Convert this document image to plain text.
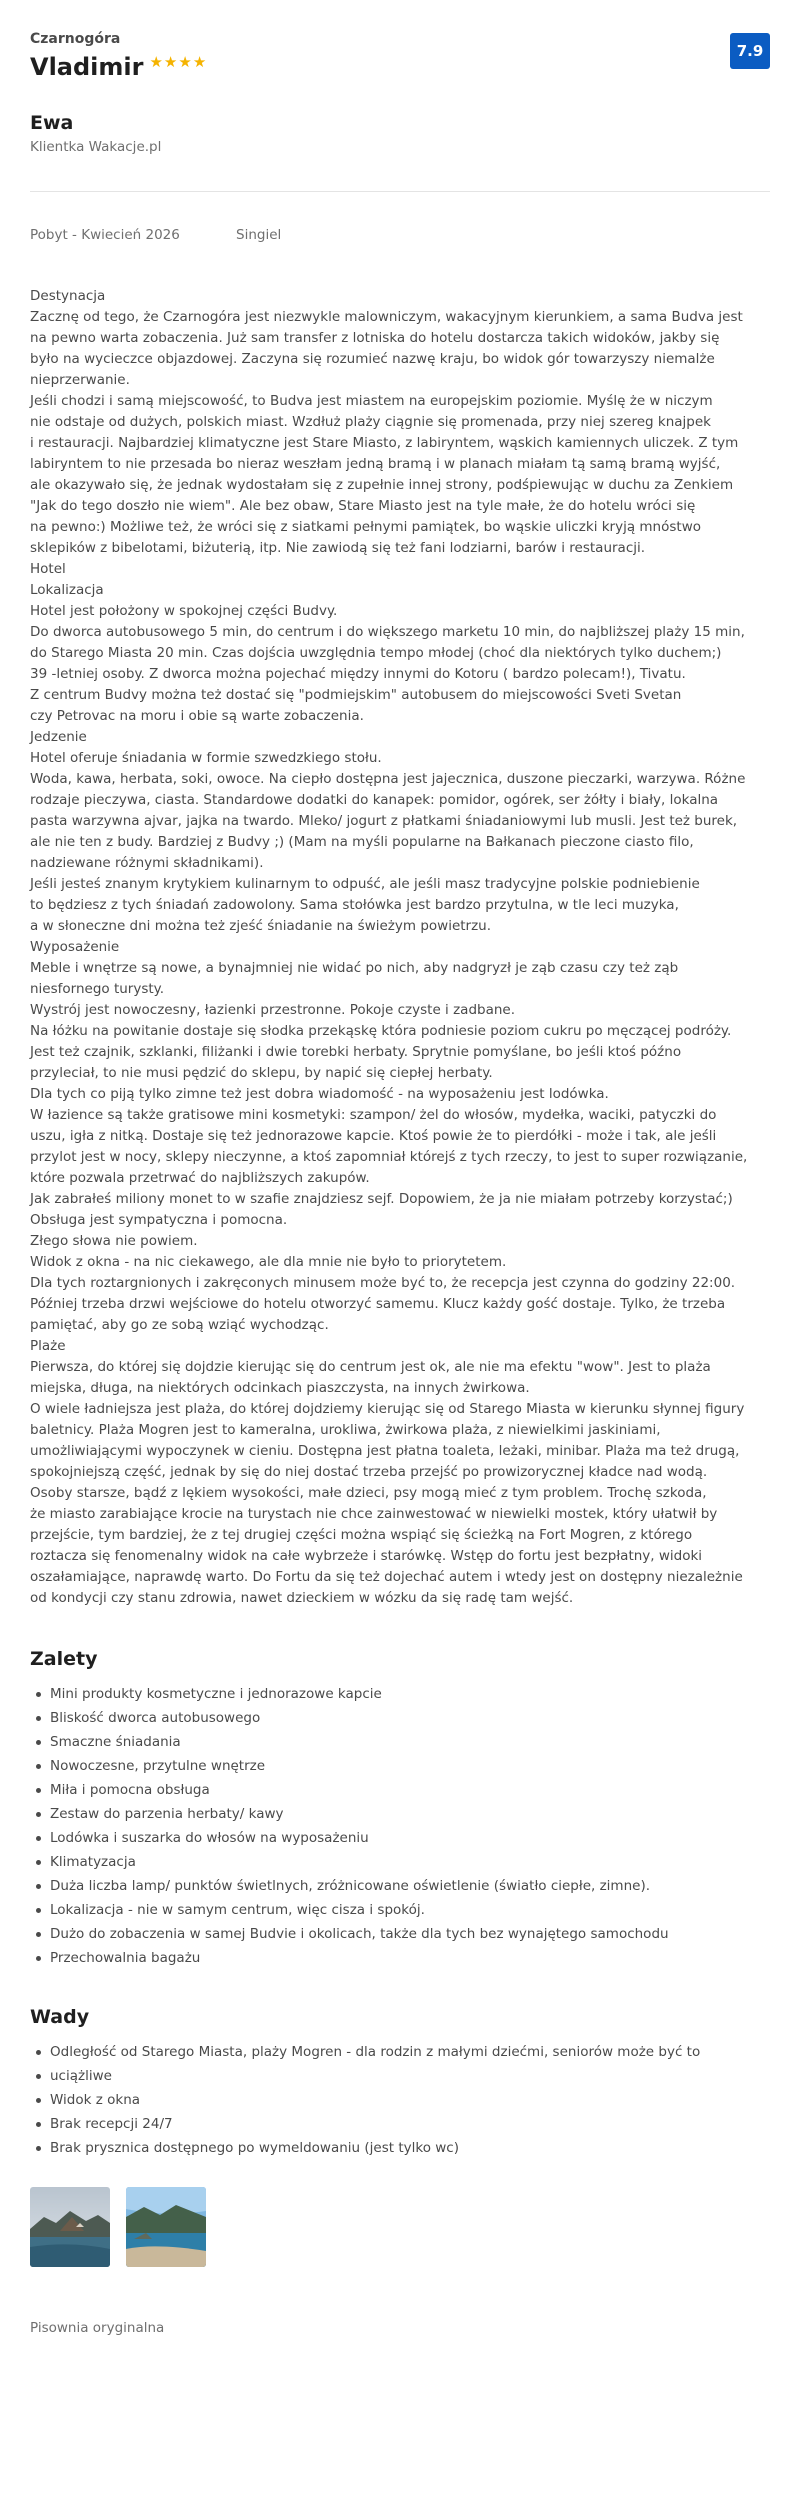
Czarnogóra
Vladimir ★★★★
7.9
Ewa
Klientka Wakacje.pl
Pobyt - Kwiecień 2026	Singiel
Destynacja
Zacznę od tego, że Czarnogóra jest niezwykle malowniczym, wakacyjnym kierunkiem, a sama Budva jest
na pewno warta zobaczenia. Już sam transfer z lotniska do hotelu dostarcza takich widoków, jakby się
było na wycieczce objazdowej. Zaczyna się rozumieć nazwę kraju, bo widok gór towarzyszy niemalże
nieprzerwanie.
Jeśli chodzi i samą miejscowość, to Budva jest miastem na europejskim poziomie. Myślę że w niczym
nie odstaje od dużych, polskich miast. Wzdłuż plaży ciągnie się promenada, przy niej szereg knajpek
i restauracji. Najbardziej klimatyczne jest Stare Miasto, z labiryntem, wąskich kamiennych uliczek. Z tym
labiryntem to nie przesada bo nieraz weszłam jedną bramą i w planach miałam tą samą bramą wyjść,
ale okazywało się, że jednak wydostałam się z zupełnie innej strony, podśpiewując w duchu za Zenkiem
"Jak do tego doszło nie wiem". Ale bez obaw, Stare Miasto jest na tyle małe, że do hotelu wróci się
na pewno:) Możliwe też, że wróci się z siatkami pełnymi pamiątek, bo wąskie uliczki kryją mnóstwo
sklepików z bibelotami, biżuterią, itp. Nie zawiodą się też fani lodziarni, barów i restauracji.
Hotel
Lokalizacja
Hotel jest położony w spokojnej części Budvy.
Do dworca autobusowego 5 min, do centrum i do większego marketu 10 min, do najbliższej plaży 15 min,
do Starego Miasta 20 min. Czas dojścia uwzględnia tempo młodej (choć dla niektórych tylko duchem;)
39 -letniej osoby. Z dworca można pojechać między innymi do Kotoru ( bardzo polecam!), Tivatu.
Z centrum Budvy można też dostać się "podmiejskim" autobusem do miejscowości Sveti Svetan
czy Petrovac na moru i obie są warte zobaczenia.
Jedzenie
Hotel oferuje śniadania w formie szwedzkiego stołu.
Woda, kawa, herbata, soki, owoce. Na ciepło dostępna jest jajecznica, duszone pieczarki, warzywa. Różne
rodzaje pieczywa, ciasta. Standardowe dodatki do kanapek: pomidor, ogórek, ser żółty i biały, lokalna
pasta warzywna ajvar, jajka na twardo. Mleko/ jogurt z płatkami śniadaniowymi lub musli. Jest też burek,
ale nie ten z budy. Bardziej z Budvy ;) (Mam na myśli popularne na Bałkanach pieczone ciasto filo,
nadziewane różnymi składnikami).
Jeśli jesteś znanym krytykiem kulinarnym to odpuść, ale jeśli masz tradycyjne polskie podniebienie
to będziesz z tych śniadań zadowolony. Sama stołówka jest bardzo przytulna, w tle leci muzyka,
a w słoneczne dni można też zjeść śniadanie na świeżym powietrzu.
Wyposażenie
Meble i wnętrze są nowe, a bynajmniej nie widać po nich, aby nadgryzł je ząb czasu czy też ząb
niesfornego turysty.
Wystrój jest nowoczesny, łazienki przestronne. Pokoje czyste i zadbane.
Na łóżku na powitanie dostaje się słodka przekąskę która podniesie poziom cukru po męczącej podróży.
Jest też czajnik, szklanki, filiżanki i dwie torebki herbaty. Sprytnie pomyślane, bo jeśli ktoś późno
przyleciał, to nie musi pędzić do sklepu, by napić się ciepłej herbaty.
Dla tych co piją tylko zimne też jest dobra wiadomość - na wyposażeniu jest lodówka.
W łazience są także gratisowe mini kosmetyki: szampon/ żel do włosów, mydełka, waciki, patyczki do
uszu, igła z nitką. Dostaje się też jednorazowe kapcie. Ktoś powie że to pierdółki - może i tak, ale jeśli
przylot jest w nocy, sklepy nieczynne, a ktoś zapomniał którejś z tych rzeczy, to jest to super rozwiązanie,
które pozwala przetrwać do najbliższych zakupów.
Jak zabrałeś miliony monet to w szafie znajdziesz sejf. Dopowiem, że ja nie miałam potrzeby korzystać;)
Obsługa jest sympatyczna i pomocna.
Złego słowa nie powiem.
Widok z okna - na nic ciekawego, ale dla mnie nie było to priorytetem.
Dla tych roztargnionych i zakręconych minusem może być to, że recepcja jest czynna do godziny 22:00.
Później trzeba drzwi wejściowe do hotelu otworzyć samemu. Klucz każdy gość dostaje. Tylko, że trzeba
pamiętać, aby go ze sobą wziąć wychodząc.
Plaże
Pierwsza, do której się dojdzie kierując się do centrum jest ok, ale nie ma efektu "wow". Jest to plaża
miejska, długa, na niektórych odcinkach piaszczysta, na innych żwirkowa.
O wiele ładniejsza jest plaża, do której dojdziemy kierując się od Starego Miasta w kierunku słynnej figury
baletnicy. Plaża Mogren jest to kameralna, urokliwa, żwirkowa plaża, z niewielkimi jaskiniami,
umożliwiającymi wypoczynek w cieniu. Dostępna jest płatna toaleta, leżaki, minibar. Plaża ma też drugą,
spokojniejszą część, jednak by się do niej dostać trzeba przejść po prowizorycznej kładce nad wodą.
Osoby starsze, bądź z lękiem wysokości, małe dzieci, psy mogą mieć z tym problem. Trochę szkoda,
że miasto zarabiające krocie na turystach nie chce zainwestować w niewielki mostek, który ułatwił by
przejście, tym bardziej, że z tej drugiej części można wspiąć się ścieżką na Fort Mogren, z którego
roztacza się fenomenalny widok na całe wybrzeże i starówkę. Wstęp do fortu jest bezpłatny, widoki
oszałamiające, naprawdę warto. Do Fortu da się też dojechać autem i wtedy jest on dostępny niezależnie
od kondycji czy stanu zdrowia, nawet dzieckiem w wózku da się radę tam wejść.
Zalety
Mini produkty kosmetyczne i jednorazowe kapcie
Bliskość dworca autobusowego
Smaczne śniadania
Nowoczesne, przytulne wnętrze
Miła i pomocna obsługa
Zestaw do parzenia herbaty/ kawy
Lodówka i suszarka do włosów na wyposażeniu
Klimatyzacja
Duża liczba lamp/ punktów świetlnych, zróżnicowane oświetlenie (światło ciepłe, zimne).
Lokalizacja - nie w samym centrum, więc cisza i spokój.
Dużo do zobaczenia w samej Budvie i okolicach, także dla tych bez wynajętego samochodu
Przechowalnia bagażu
Wady
Odległość od Starego Miasta, plaży Mogren - dla rodzin z małymi dziećmi, seniorów może być to
uciążliwe
Widok z okna
Brak recepcji 24/7
Brak prysznica dostępnego po wymeldowaniu (jest tylko wc)
Pisownia oryginalna
